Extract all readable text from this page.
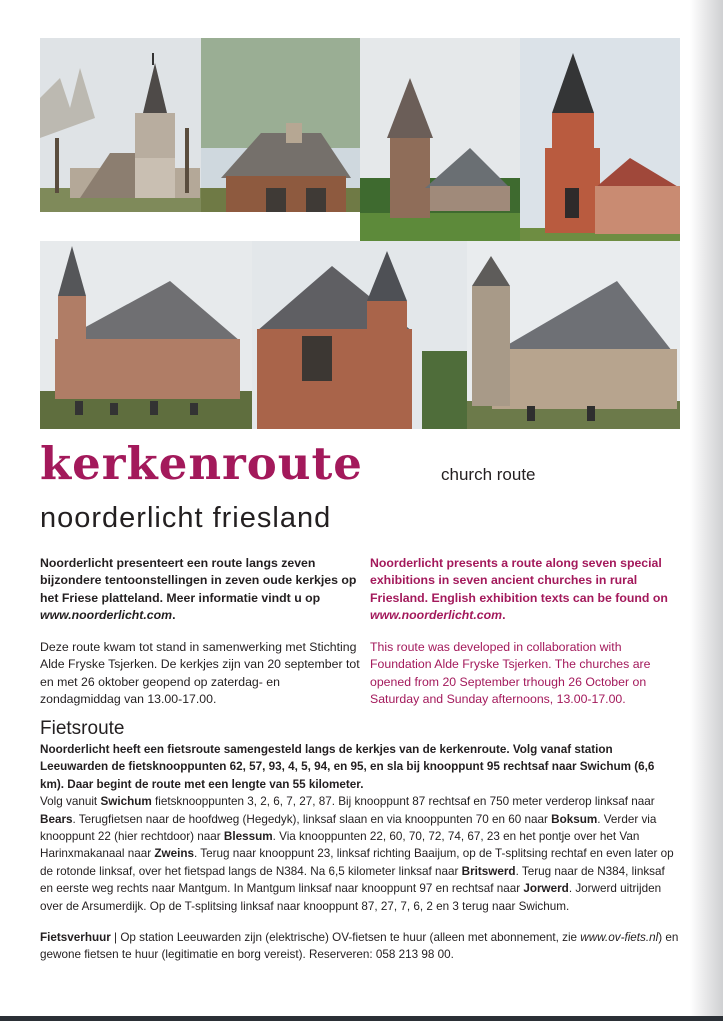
kerkenroute	church route
noorderlicht friesland

Noorderlicht presenteert een route langs zeven bijzondere tentoonstellingen in zeven oude kerkjes op het Friese platteland. Meer informatie vindt u op www.noorderlicht.com.

Deze route kwam tot stand in samenwerking met Stichting Alde Fryske Tsjerken. De kerkjes zijn van 20 september tot en met 26 oktober geopend op zaterdag- en zondagmiddag van 13.00-17.00.

Noorderlicht presents a route along seven special exhibitions in seven ancient churches in rural Friesland. English exhibition texts can be found on www.noorderlicht.com.

This route was developed in collaboration with Foundation Alde Fryske Tsjerken. The churches are opened from 20 September trhough 26 October on Saturday and Sunday afternoons, 13.00-17.00.

Fietsroute

Noorderlicht heeft een fietsroute samengesteld langs de kerkjes van de kerkenroute. Volg vanaf station Leeuwarden de fietsknooppunten 62, 57, 93, 4, 5, 94, en 95, en sla bij knooppunt 95 rechtsaf naar Swichum (6,6 km). Daar begint de route met een lengte van 55 kilometer.

Volg vanuit Swichum fietsknooppunten 3, 2, 6, 7, 27, 87. Bij knooppunt 87 rechtsaf en 750 meter verderop linksaf naar Bears. Terugfietsen naar de hoofdweg (Hegedyk), linksaf slaan en via knooppunten 70 en 60 naar Boksum. Verder via knooppunt 22 (hier rechtdoor) naar Blessum. Via knooppunten 22, 60, 70, 72, 74, 67, 23 en het pontje over het Van Harinxmakanaal naar Zweins. Terug naar knooppunt 23, linksaf richting Baaijum, op de T-splitsing rechtaf en even later op de rotonde linksaf, over het fietspad langs de N384. Na 6,5 kilometer linksaf naar Britswerd. Terug naar de N384, linksaf en eerste weg rechts naar Mantgum. In Mantgum linksaf naar knooppunt 97 en rechtsaf naar Jorwerd. Jorwerd uitrijden over de Arsumerdijk. Op de T-splitsing linksaf naar knooppunt 87, 27, 7, 6, 2 en 3 terug naar Swichum.

Fietsverhuur | Op station Leeuwarden zijn (elektrische) OV-fietsen te huur (alleen met abonnement, zie www.ov-fiets.nl) en gewone fietsen te huur (legitimatie en borg vereist). Reserveren: 058 213 98 00.
